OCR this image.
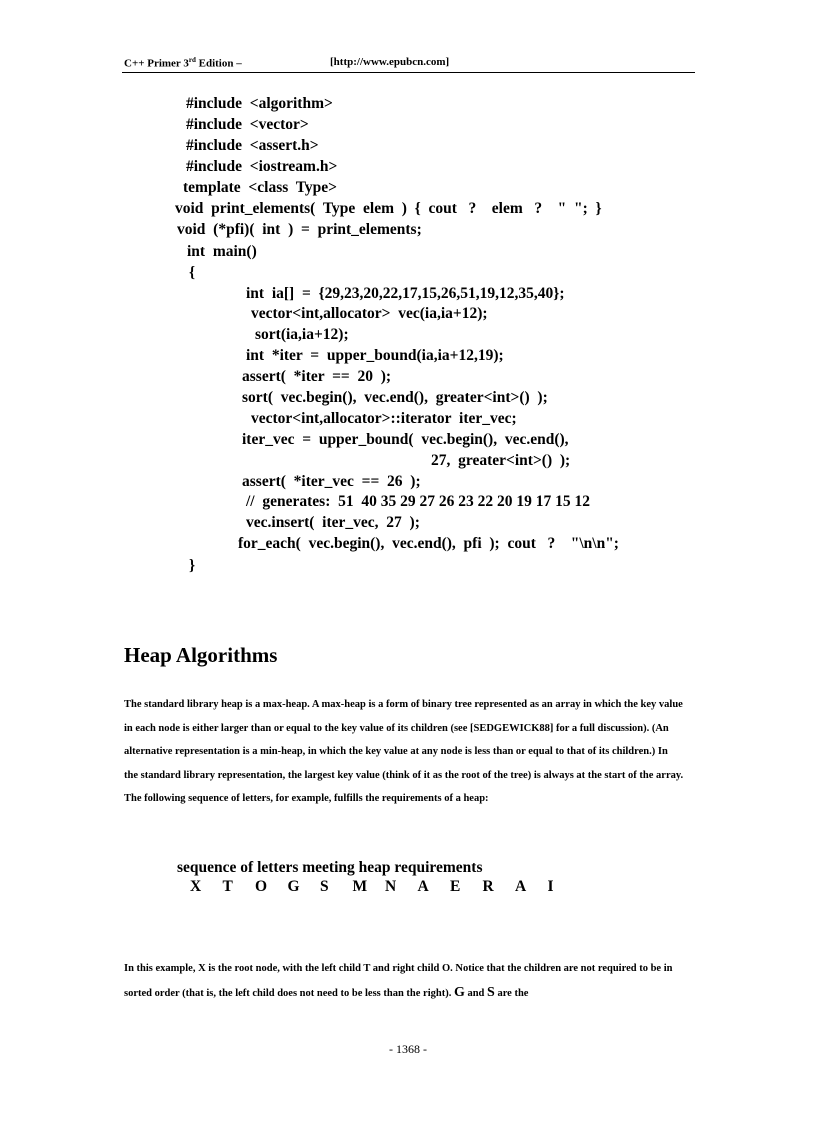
C++ Primer 3rd Edition –	[http://www.epubcn.com]
#include  <algorithm>
#include  <vector>
#include  <assert.h>
#include  <iostream.h>
template  <class  Type>
void  print_elements(  Type  elem  )  {  cout   ?    elem   ?    "  ";  }
void  (*pfi)(  int  )  =  print_elements;
int  main()
{
int  ia[]  =  {29,23,20,22,17,15,26,51,19,12,35,40};
vector<int,allocator>  vec(ia,ia+12);
sort(ia,ia+12);
int  *iter  =  upper_bound(ia,ia+12,19);
assert(  *iter  ==  20  );
sort(  vec.begin(),  vec.end(),  greater<int>()  );
vector<int,allocator>::iterator  iter_vec;
iter_vec  =  upper_bound(  vec.begin(),  vec.end(),
27,  greater<int>()  );
assert(  *iter_vec  ==  26  );
//  generates:  51  40 35 29 27 26 23 22 20 19 17 15 12
vec.insert(  iter_vec,  27  );
for_each(  vec.begin(),  vec.end(),  pfi  );  cout   ?    "\n\n";
}
Heap Algorithms
The standard library heap is a max-heap. A max-heap is a form of binary tree represented as an array in which the key value in each node is either larger than or equal to the key value of its children (see [SEDGEWICK88] for a full discussion). (An alternative representation is a min-heap, in which the key value at any node is less than or equal to that of its children.) In the standard library representation, the largest key value (think of it as the root of the tree) is always at the start of the array. The following sequence of letters, for example, fulfills the requirements of a heap:
sequence of letters meeting heap requirements
X	T	O	G	S	M	N	A	E	R	A	I
In this example, X is the root node, with the left child T and right child O. Notice that the children are not required to be in sorted order (that is, the left child does not need to be less than the right). G and S are the
- 1368 -
